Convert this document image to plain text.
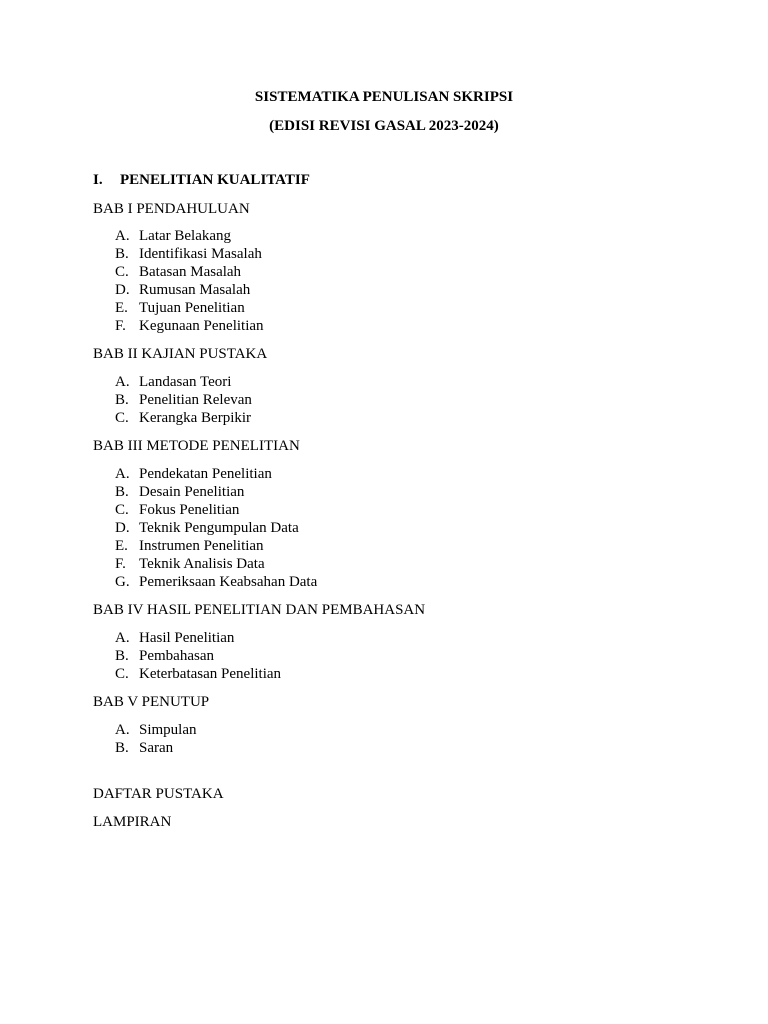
SISTEMATIKA PENULISAN SKRIPSI
(EDISI REVISI GASAL 2023-2024)
I. PENELITIAN KUALITATIF
BAB I PENDAHULUAN
A. Latar Belakang
B. Identifikasi Masalah
C. Batasan Masalah
D. Rumusan Masalah
E. Tujuan Penelitian
F. Kegunaan Penelitian
BAB II KAJIAN PUSTAKA
A. Landasan Teori
B. Penelitian Relevan
C. Kerangka Berpikir
BAB III METODE PENELITIAN
A. Pendekatan Penelitian
B. Desain Penelitian
C. Fokus Penelitian
D. Teknik Pengumpulan Data
E. Instrumen Penelitian
F. Teknik Analisis Data
G. Pemeriksaan Keabsahan Data
BAB IV HASIL PENELITIAN DAN PEMBAHASAN
A. Hasil Penelitian
B. Pembahasan
C. Keterbatasan Penelitian
BAB V PENUTUP
A. Simpulan
B. Saran
DAFTAR PUSTAKA
LAMPIRAN
